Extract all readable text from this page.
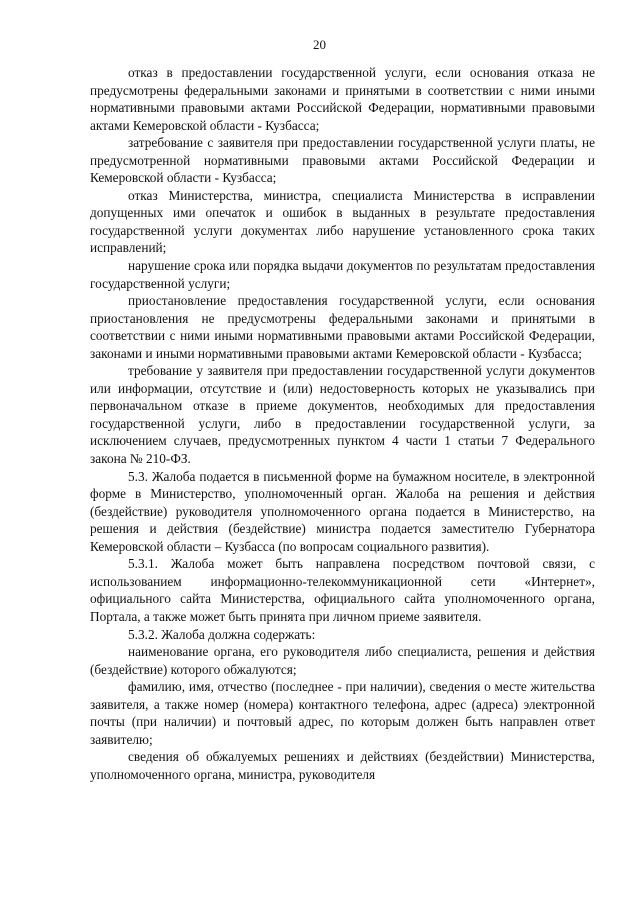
20

отказ в предоставлении государственной услуги, если основания отказа не предусмотрены федеральными законами и принятыми в соответствии с ними иными нормативными правовыми актами Российской Федерации, нормативными правовыми актами Кемеровской области - Кузбасса;

затребование с заявителя при предоставлении государственной услуги платы, не предусмотренной нормативными правовыми актами Российской Федерации и Кемеровской области - Кузбасса;

отказ Министерства, министра, специалиста Министерства в исправлении допущенных ими опечаток и ошибок в выданных в результате предоставления государственной услуги документах либо нарушение установленного срока таких исправлений;

нарушение срока или порядка выдачи документов по результатам предоставления государственной услуги;

приостановление предоставления государственной услуги, если основания приостановления не предусмотрены федеральными законами и принятыми в соответствии с ними иными нормативными правовыми актами Российской Федерации, законами и иными нормативными правовыми актами Кемеровской области - Кузбасса;

требование у заявителя при предоставлении государственной услуги документов или информации, отсутствие и (или) недостоверность которых не указывались при первоначальном отказе в приеме документов, необходимых для предоставления государственной услуги, либо в предоставлении государственной услуги, за исключением случаев, предусмотренных пунктом 4 части 1 статьи 7 Федерального закона № 210-ФЗ.

5.3. Жалоба подается в письменной форме на бумажном носителе, в электронной форме в Министерство, уполномоченный орган. Жалоба на решения и действия (бездействие) руководителя уполномоченного органа подается в Министерство, на решения и действия (бездействие) министра подается заместителю Губернатора Кемеровской области – Кузбасса (по вопросам социального развития).

5.3.1. Жалоба может быть направлена посредством почтовой связи, с использованием информационно-телекоммуникационной сети «Интернет», официального сайта Министерства, официального сайта уполномоченного органа, Портала, а также может быть принята при личном приеме заявителя.

5.3.2. Жалоба должна содержать:

наименование органа, его руководителя либо специалиста, решения и действия (бездействие) которого обжалуются;

фамилию, имя, отчество (последнее - при наличии), сведения о месте жительства заявителя, а также номер (номера) контактного телефона, адрес (адреса) электронной почты (при наличии) и почтовый адрес, по которым должен быть направлен ответ заявителю;

сведения об обжалуемых решениях и действиях (бездействии) Министерства, уполномоченного органа, министра, руководителя
